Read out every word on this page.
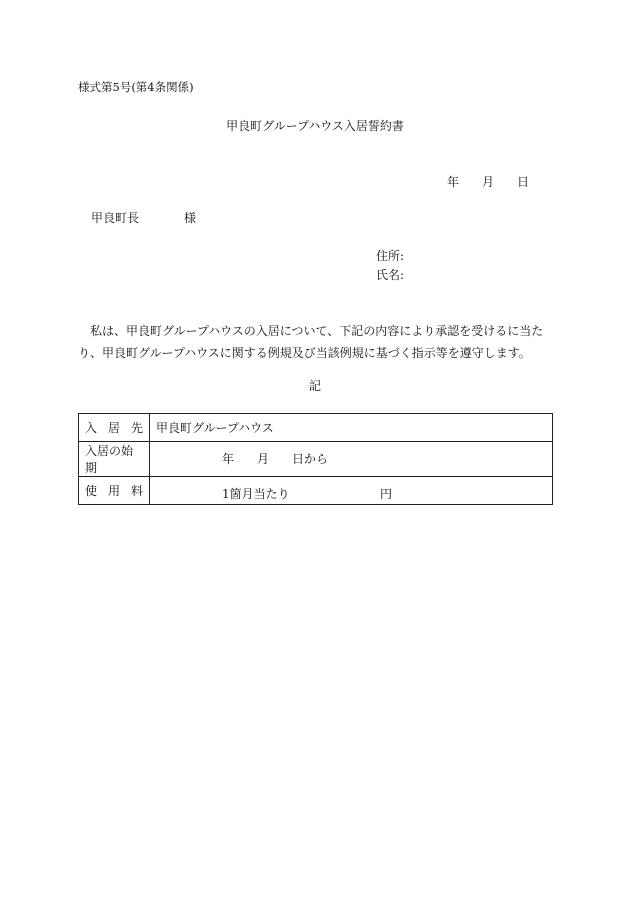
様式第5号(第4条関係)
甲良町グループハウス入居誓約書
年 月 日
甲良町長	様
住所:
氏名:
私は、甲良町グループハウスの入居について、下記の内容により承認を受けるに当たり、甲良町グループハウスに関する例規及び当該例規に基づく指示等を遵守します。
記
入 居 先	甲良町グループハウス
入居の始期	年 月 日から

使 用 料	1箇月当たり 円
